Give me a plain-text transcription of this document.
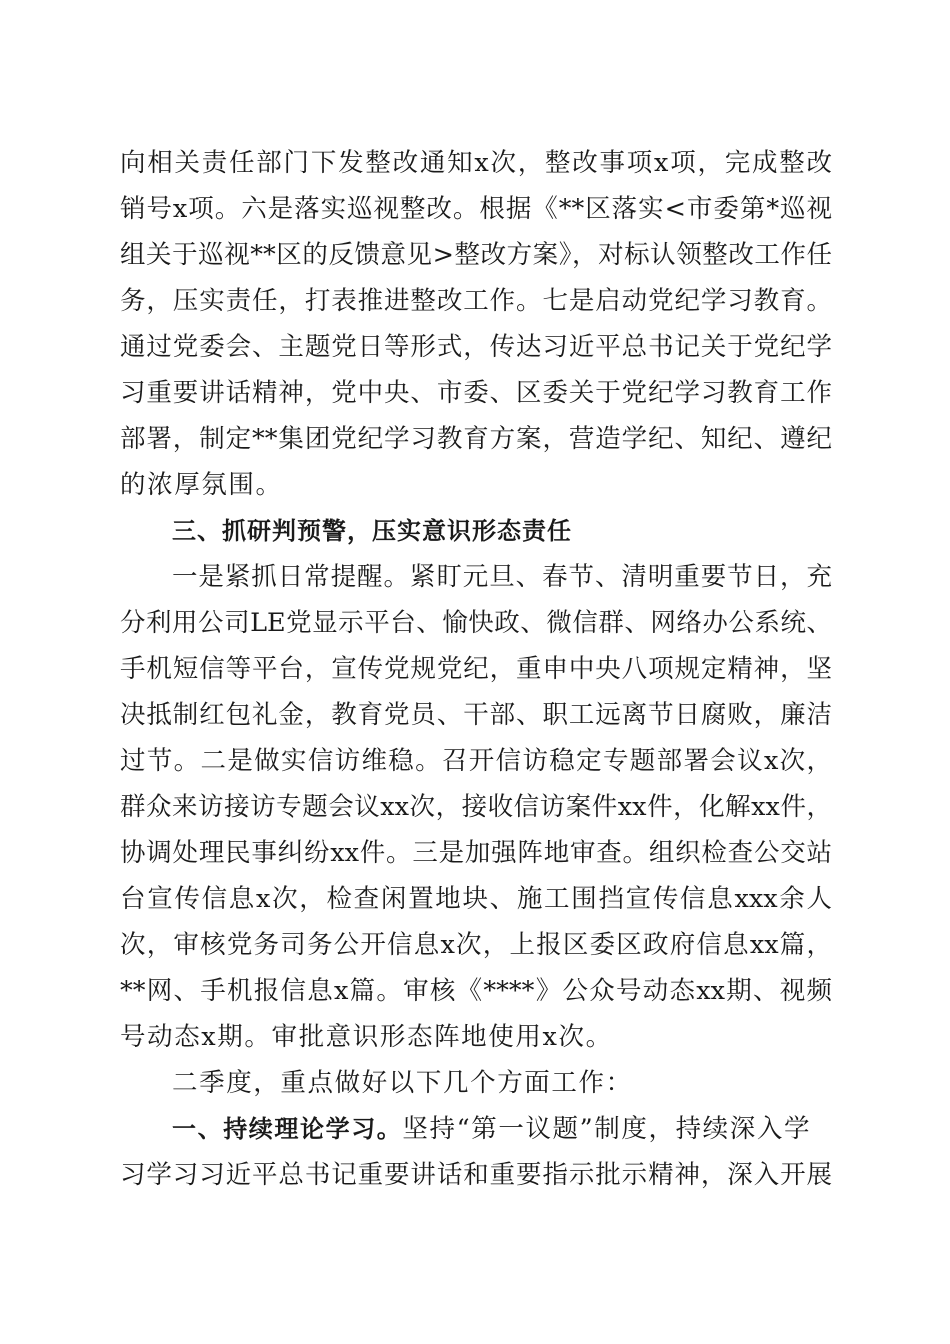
向相关责任部门下发整改通知x次，整改事项x项，完成整改
销号x项。六是落实巡视整改。根据《**区落实<市委第*巡视
组关于巡视**区的反馈意见>整改方案》，对标认领整改工作任
务，压实责任，打表推进整改工作。七是启动党纪学习教育。
通过党委会、主题党日等形式，传达习近平总书记关于党纪学
习重要讲话精神，党中央、市委、区委关于党纪学习教育工作
部署，制定**集团党纪学习教育方案，营造学纪、知纪、遵纪
的浓厚氛围。
三、抓研判预警，压实意识形态责任
一是紧抓日常提醒。紧盯元旦、春节、清明重要节日，充
分利用公司LE党显示平台、愉快政、微信群、网络办公系统、
手机短信等平台，宣传党规党纪，重申中央八项规定精神，坚
决抵制红包礼金，教育党员、干部、职工远离节日腐败，廉洁
过节。二是做实信访维稳。召开信访稳定专题部署会议x次，
群众来访接访专题会议xx次，接收信访案件xx件，化解xx件，
协调处理民事纠纷xx件。三是加强阵地审查。组织检查公交站
台宣传信息x次，检查闲置地块、施工围挡宣传信息xxx余人
次，审核党务司务公开信息x次，上报区委区政府信息xx篇，
**网、手机报信息x篇。审核《****》公众号动态xx期、视频
号动态x期。审批意识形态阵地使用x次。
二季度，重点做好以下几个方面工作：
一、持续理论学习。坚持“第一议题”制度，持续深入学
习学习习近平总书记重要讲话和重要指示批示精神，深入开展
